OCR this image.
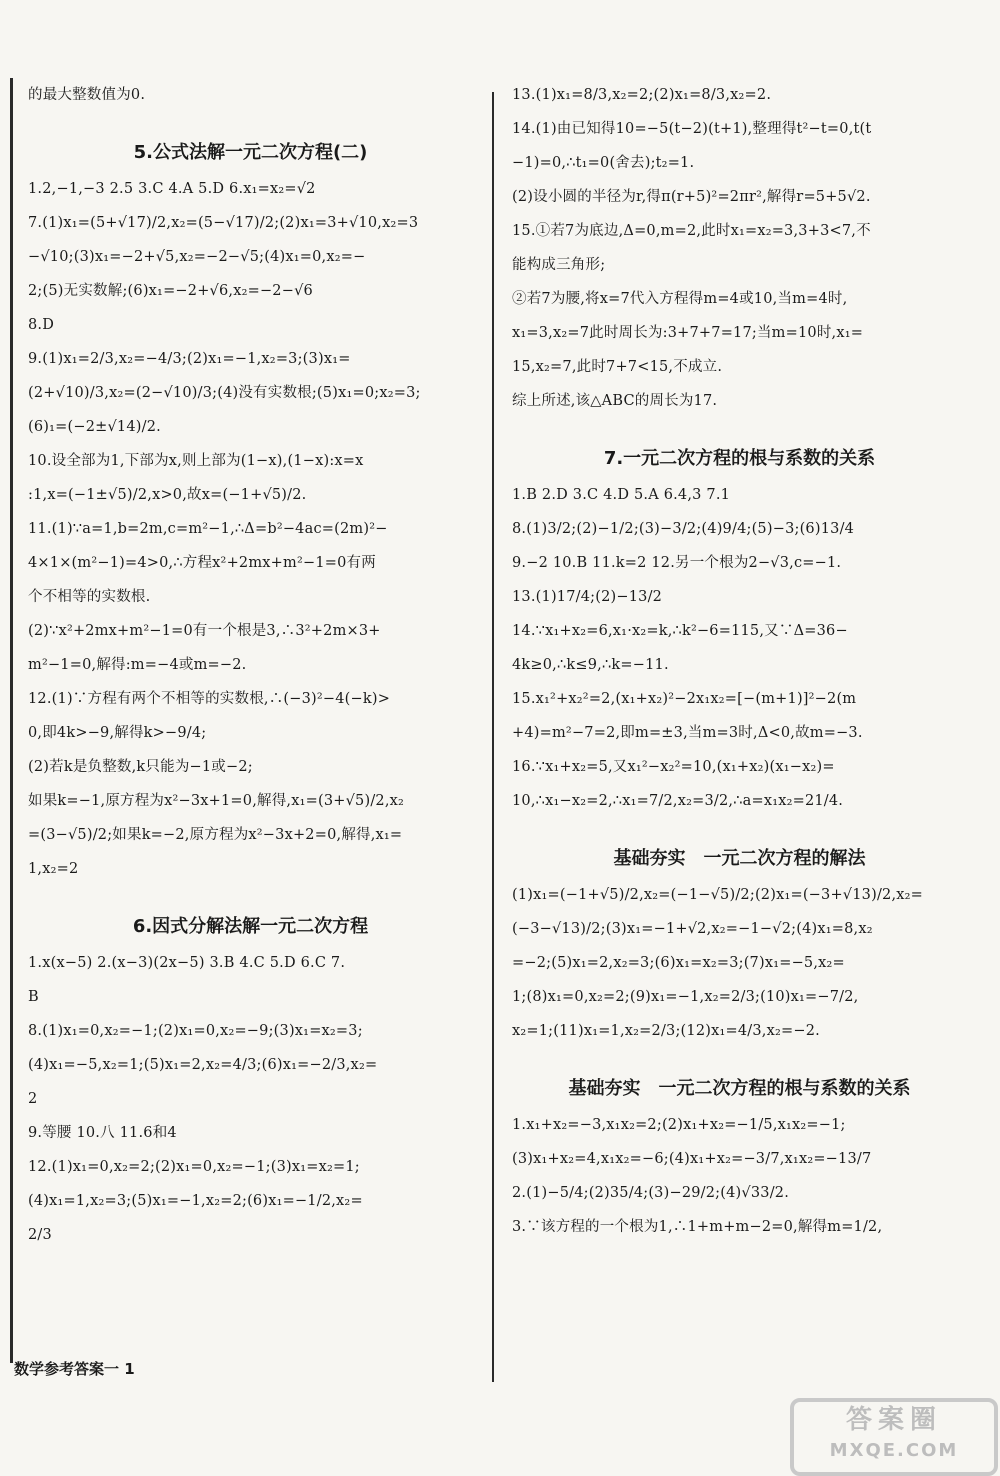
的最大整数值为0.
5.公式法解一元二次方程(二)
1.2,−1,−3 2.5 3.C 4.A 5.D 6.x₁=x₂=√2
7.(1)x₁=(5+√17)/2,x₂=(5−√17)/2;(2)x₁=3+√10,x₂=3
−√10;(3)x₁=−2+√5,x₂=−2−√5;(4)x₁=0,x₂=−
2;(5)无实数解;(6)x₁=−2+√6,x₂=−2−√6
8.D
9.(1)x₁=2/3,x₂=−4/3;(2)x₁=−1,x₂=3;(3)x₁=
(2+√10)/3,x₂=(2−√10)/3;(4)没有实数根;(5)x₁=0;x₂=3;
(6)₁=(−2±√14)/2.
10.设全部为1,下部为x,则上部为(1−x),(1−x):x=x
:1,x=(−1±√5)/2,x>0,故x=(−1+√5)/2.
11.(1)∵a=1,b=2m,c=m²−1,∴Δ=b²−4ac=(2m)²−
4×1×(m²−1)=4>0,∴方程x²+2mx+m²−1=0有两
个不相等的实数根.
(2)∵x²+2mx+m²−1=0有一个根是3,∴3²+2m×3+
m²−1=0,解得:m=−4或m=−2.
12.(1)∵方程有两个不相等的实数根,∴(−3)²−4(−k)>
0,即4k>−9,解得k>−9/4;
(2)若k是负整数,k只能为−1或−2;
如果k=−1,原方程为x²−3x+1=0,解得,x₁=(3+√5)/2,x₂
=(3−√5)/2;如果k=−2,原方程为x²−3x+2=0,解得,x₁=
1,x₂=2
6.因式分解法解一元二次方程
1.x(x−5) 2.(x−3)(2x−5) 3.B 4.C 5.D 6.C 7.
B
8.(1)x₁=0,x₂=−1;(2)x₁=0,x₂=−9;(3)x₁=x₂=3;
(4)x₁=−5,x₂=1;(5)x₁=2,x₂=4/3;(6)x₁=−2/3,x₂=
2
9.等腰 10.八 11.6和4
12.(1)x₁=0,x₂=2;(2)x₁=0,x₂=−1;(3)x₁=x₂=1;
(4)x₁=1,x₂=3;(5)x₁=−1,x₂=2;(6)x₁=−1/2,x₂=
2/3
13.(1)x₁=8/3,x₂=2;(2)x₁=8/3,x₂=2.
14.(1)由已知得10=−5(t−2)(t+1),整理得t²−t=0,t(t
−1)=0,∴t₁=0(舍去);t₂=1.
(2)设小圆的半径为r,得π(r+5)²=2πr²,解得r=5+5√2.
15.①若7为底边,Δ=0,m=2,此时x₁=x₂=3,3+3<7,不
能构成三角形;
②若7为腰,将x=7代入方程得m=4或10,当m=4时,
x₁=3,x₂=7此时周长为:3+7+7=17;当m=10时,x₁=
15,x₂=7,此时7+7<15,不成立.
综上所述,该△ABC的周长为17.
7.一元二次方程的根与系数的关系
1.B 2.D 3.C 4.D 5.A 6.4,3 7.1
8.(1)3/2;(2)−1/2;(3)−3/2;(4)9/4;(5)−3;(6)13/4
9.−2 10.B 11.k=2 12.另一个根为2−√3,c=−1.
13.(1)17/4;(2)−13/2
14.∵x₁+x₂=6,x₁·x₂=k,∴k²−6=115,又∵Δ=36−
4k≥0,∴k≤9,∴k=−11.
15.x₁²+x₂²=2,(x₁+x₂)²−2x₁x₂=[−(m+1)]²−2(m
+4)=m²−7=2,即m=±3,当m=3时,Δ<0,故m=−3.
16.∵x₁+x₂=5,又x₁²−x₂²=10,(x₁+x₂)(x₁−x₂)=
10,∴x₁−x₂=2,∴x₁=7/2,x₂=3/2,∴a=x₁x₂=21/4.
基础夯实　一元二次方程的解法
(1)x₁=(−1+√5)/2,x₂=(−1−√5)/2;(2)x₁=(−3+√13)/2,x₂=
(−3−√13)/2;(3)x₁=−1+√2,x₂=−1−√2;(4)x₁=8,x₂
=−2;(5)x₁=2,x₂=3;(6)x₁=x₂=3;(7)x₁=−5,x₂=
1;(8)x₁=0,x₂=2;(9)x₁=−1,x₂=2/3;(10)x₁=−7/2,
x₂=1;(11)x₁=1,x₂=2/3;(12)x₁=4/3,x₂=−2.
基础夯实　一元二次方程的根与系数的关系
1.x₁+x₂=−3,x₁x₂=2;(2)x₁+x₂=−1/5,x₁x₂=−1;
(3)x₁+x₂=4,x₁x₂=−6;(4)x₁+x₂=−3/7,x₁x₂=−13/7
2.(1)−5/4;(2)35/4;(3)−29/2;(4)√33/2.
3.∵该方程的一个根为1,∴1+m+m−2=0,解得m=1/2,
数学参考答案一 1
答案圈
MXQE.COM
